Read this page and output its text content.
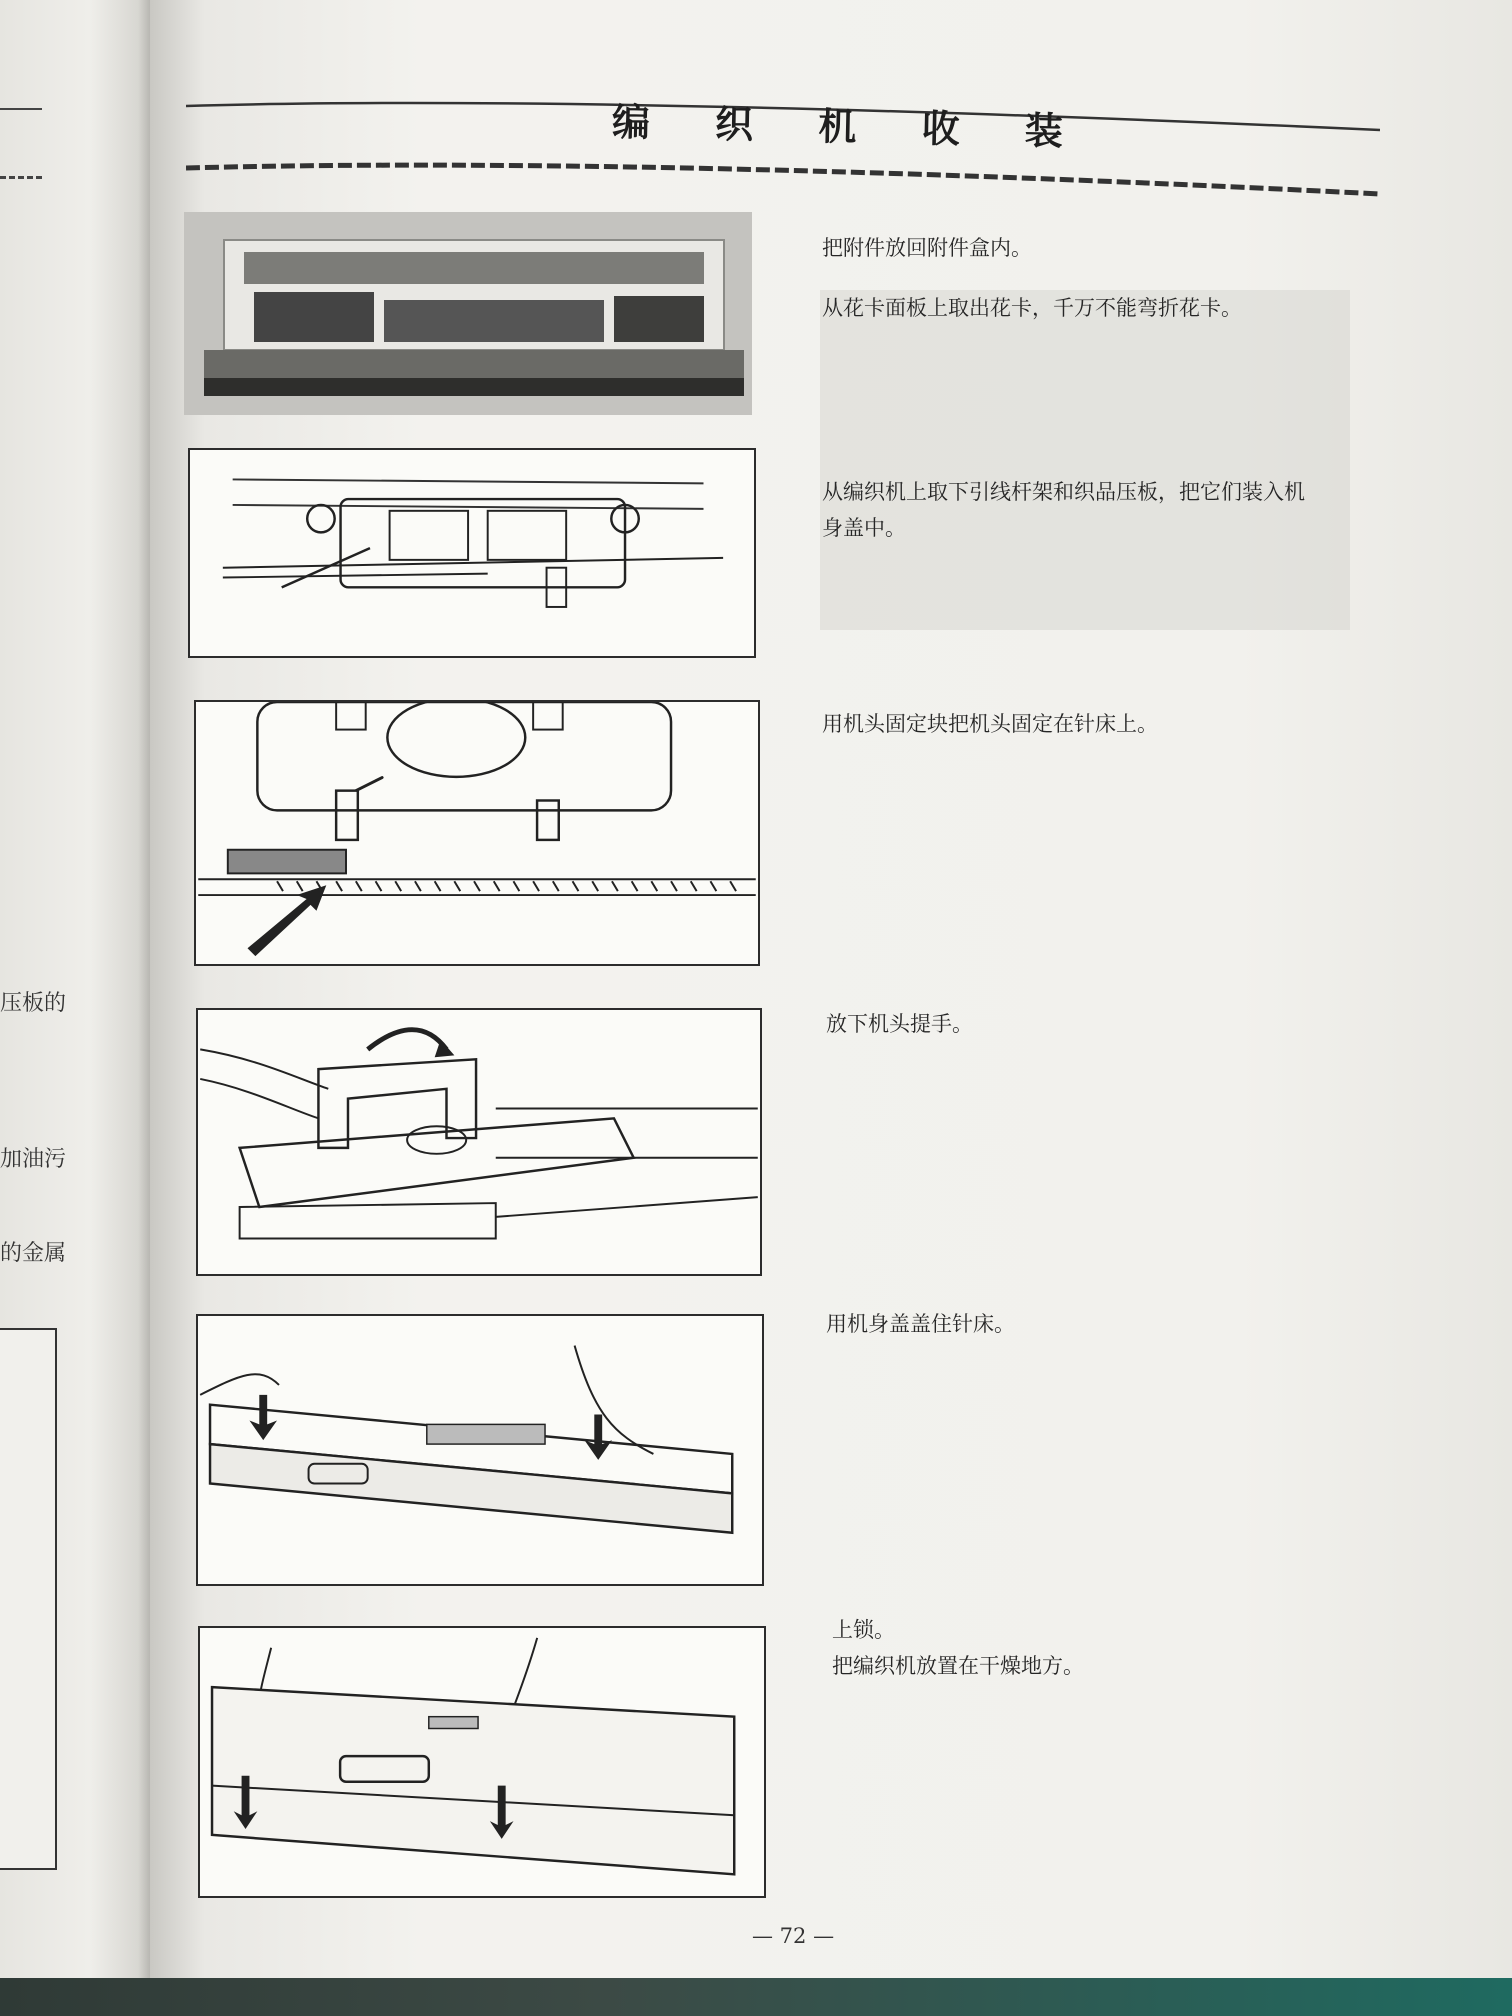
压板的
加油污
的金属
编 织 机 收 装
把附件放回附件盒内。
从花卡面板上取出花卡，千万不能弯折花卡。
从编织机上取下引线杆架和织品压板，把它们装入机
身盖中。
用机头固定块把机头固定在针床上。
放下机头提手。
用机身盖盖住针床。
上锁。
把编织机放置在干燥地方。
— 72 —
